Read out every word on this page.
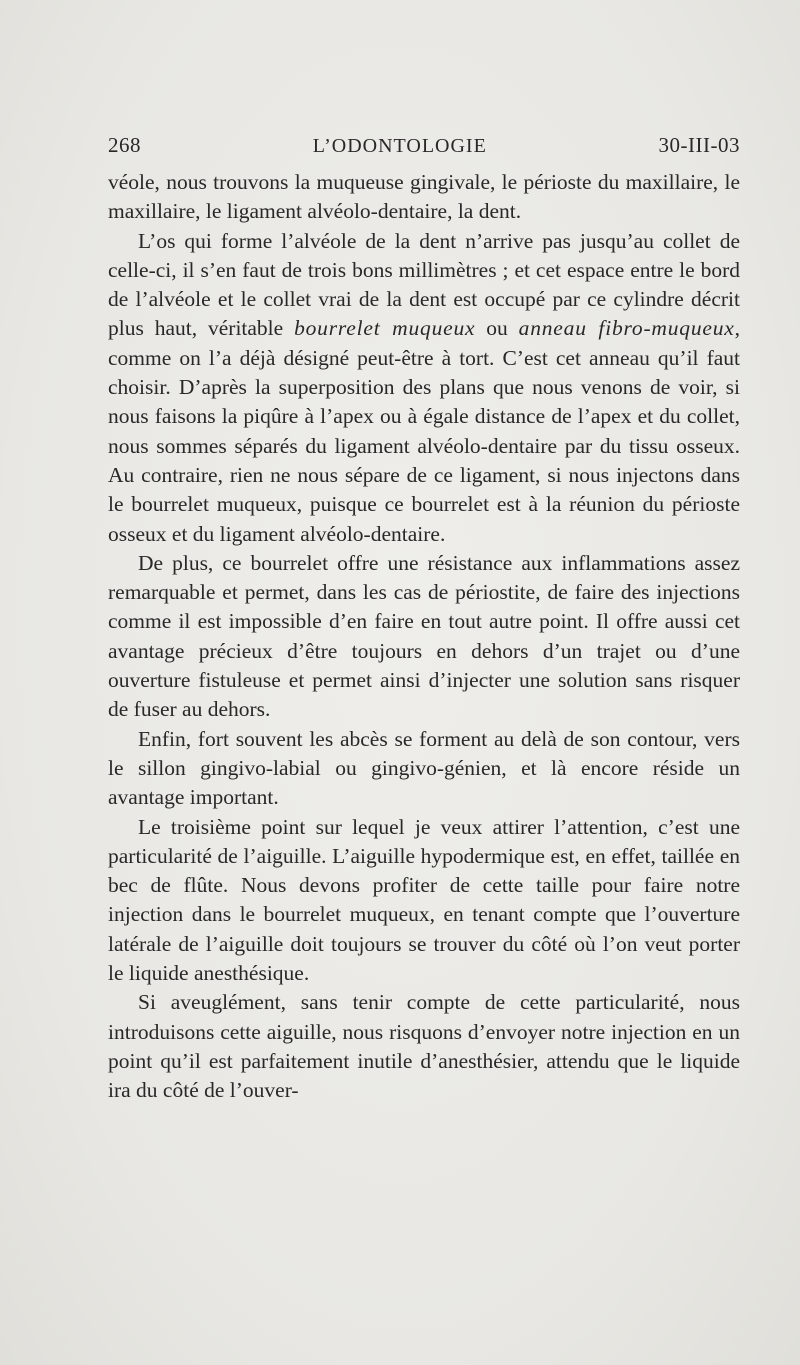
268	L’ODONTOLOGIE	30-III-03

véole, nous trouvons la muqueuse gingivale, le périoste du maxillaire, le maxillaire, le ligament alvéolo-dentaire, la dent.

L’os qui forme l’alvéole de la dent n’arrive pas jusqu’au collet de celle-ci, il s’en faut de trois bons millimètres ; et cet espace entre le bord de l’alvéole et le collet vrai de la dent est occupé par ce cylindre décrit plus haut, véritable bourrelet muqueux ou anneau fibro-muqueux, comme on l’a déjà désigné peut-être à tort. C’est cet anneau qu’il faut choisir. D’après la superposition des plans que nous venons de voir, si nous faisons la piqûre à l’apex ou à égale distance de l’apex et du collet, nous sommes séparés du ligament alvéolo-dentaire par du tissu osseux. Au contraire, rien ne nous sépare de ce ligament, si nous injectons dans le bourrelet muqueux, puisque ce bourrelet est à la réunion du périoste osseux et du ligament alvéolo-dentaire.

De plus, ce bourrelet offre une résistance aux inflammations assez remarquable et permet, dans les cas de périostite, de faire des injections comme il est impossible d’en faire en tout autre point. Il offre aussi cet avantage précieux d’être toujours en dehors d’un trajet ou d’une ouverture fistuleuse et permet ainsi d’injecter une solution sans risquer de fuser au dehors.

Enfin, fort souvent les abcès se forment au delà de son contour, vers le sillon gingivo-labial ou gingivo-génien, et là encore réside un avantage important.

Le troisième point sur lequel je veux attirer l’attention, c’est une particularité de l’aiguille. L’aiguille hypodermique est, en effet, taillée en bec de flûte. Nous devons profiter de cette taille pour faire notre injection dans le bourrelet muqueux, en tenant compte que l’ouverture latérale de l’aiguille doit toujours se trouver du côté où l’on veut porter le liquide anesthésique.

Si aveuglément, sans tenir compte de cette particularité, nous introduisons cette aiguille, nous risquons d’envoyer notre injection en un point qu’il est parfaitement inutile d’anesthésier, attendu que le liquide ira du côté de l’ouver-
